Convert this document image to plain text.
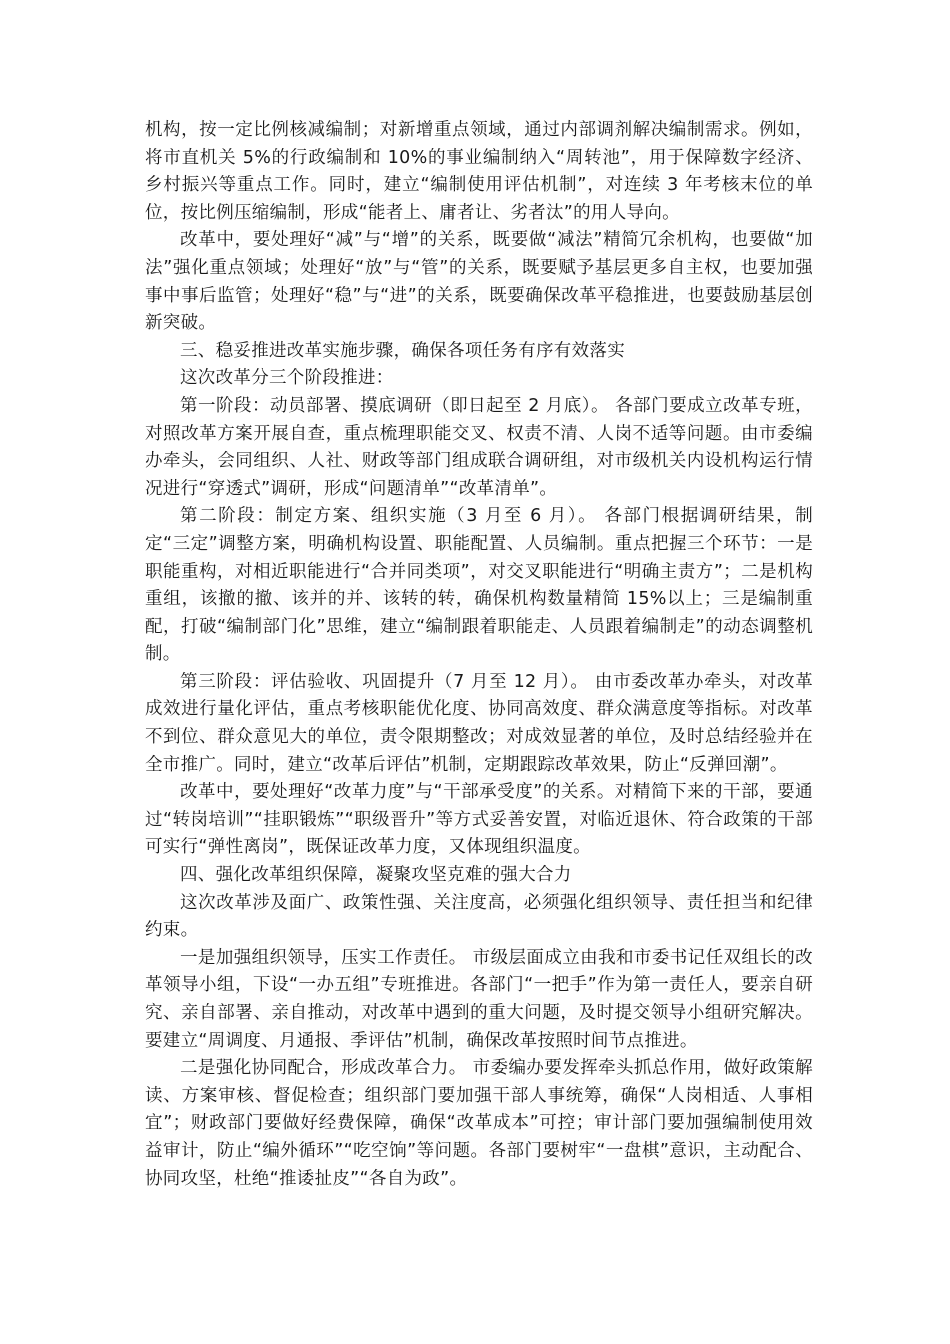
机构，按一定比例核减编制；对新增重点领域，通过内部调剂解决编制需求。例如，将市直机关 5%的行政编制和 10%的事业编制纳入“周转池”，用于保障数字经济、乡村振兴等重点工作。同时，建立“编制使用评估机制”，对连续 3 年考核末位的单位，按比例压缩编制，形成“能者上、庸者让、劣者汰”的用人导向。

改革中，要处理好“减”与“增”的关系，既要做“减法”精简冗余机构，也要做“加法”强化重点领域；处理好“放”与“管”的关系，既要赋予基层更多自主权，也要加强事中事后监管；处理好“稳”与“进”的关系，既要确保改革平稳推进，也要鼓励基层创新突破。

三、稳妥推进改革实施步骤，确保各项任务有序有效落实

这次改革分三个阶段推进：

第一阶段：动员部署、摸底调研（即日起至 2 月底）。 各部门要成立改革专班，对照改革方案开展自查，重点梳理职能交叉、权责不清、人岗不适等问题。由市委编办牵头，会同组织、人社、财政等部门组成联合调研组，对市级机关内设机构运行情况进行“穿透式”调研，形成“问题清单”“改革清单”。

第二阶段：制定方案、组织实施（3 月至 6 月）。 各部门根据调研结果，制定“三定”调整方案，明确机构设置、职能配置、人员编制。重点把握三个环节：一是职能重构，对相近职能进行“合并同类项”，对交叉职能进行“明确主责方”；二是机构重组，该撤的撤、该并的并、该转的转，确保机构数量精简 15%以上；三是编制重配，打破“编制部门化”思维，建立“编制跟着职能走、人员跟着编制走”的动态调整机制。

第三阶段：评估验收、巩固提升（7 月至 12 月）。 由市委改革办牵头，对改革成效进行量化评估，重点考核职能优化度、协同高效度、群众满意度等指标。对改革不到位、群众意见大的单位，责令限期整改；对成效显著的单位，及时总结经验并在全市推广。同时，建立“改革后评估”机制，定期跟踪改革效果，防止“反弹回潮”。

改革中，要处理好“改革力度”与“干部承受度”的关系。对精简下来的干部，要通过“转岗培训”“挂职锻炼”“职级晋升”等方式妥善安置，对临近退休、符合政策的干部可实行“弹性离岗”，既保证改革力度，又体现组织温度。

四、强化改革组织保障，凝聚攻坚克难的强大合力

这次改革涉及面广、政策性强、关注度高，必须强化组织领导、责任担当和纪律约束。

一是加强组织领导，压实工作责任。 市级层面成立由我和市委书记任双组长的改革领导小组，下设“一办五组”专班推进。各部门“一把手”作为第一责任人，要亲自研究、亲自部署、亲自推动，对改革中遇到的重大问题，及时提交领导小组研究解决。要建立“周调度、月通报、季评估”机制，确保改革按照时间节点推进。

二是强化协同配合，形成改革合力。 市委编办要发挥牵头抓总作用，做好政策解读、方案审核、督促检查；组织部门要加强干部人事统筹，确保“人岗相适、人事相宜”；财政部门要做好经费保障，确保“改革成本”可控；审计部门要加强编制使用效益审计，防止“编外循环”“吃空饷”等问题。各部门要树牢“一盘棋”意识，主动配合、协同攻坚，杜绝“推诿扯皮”“各自为政”。
